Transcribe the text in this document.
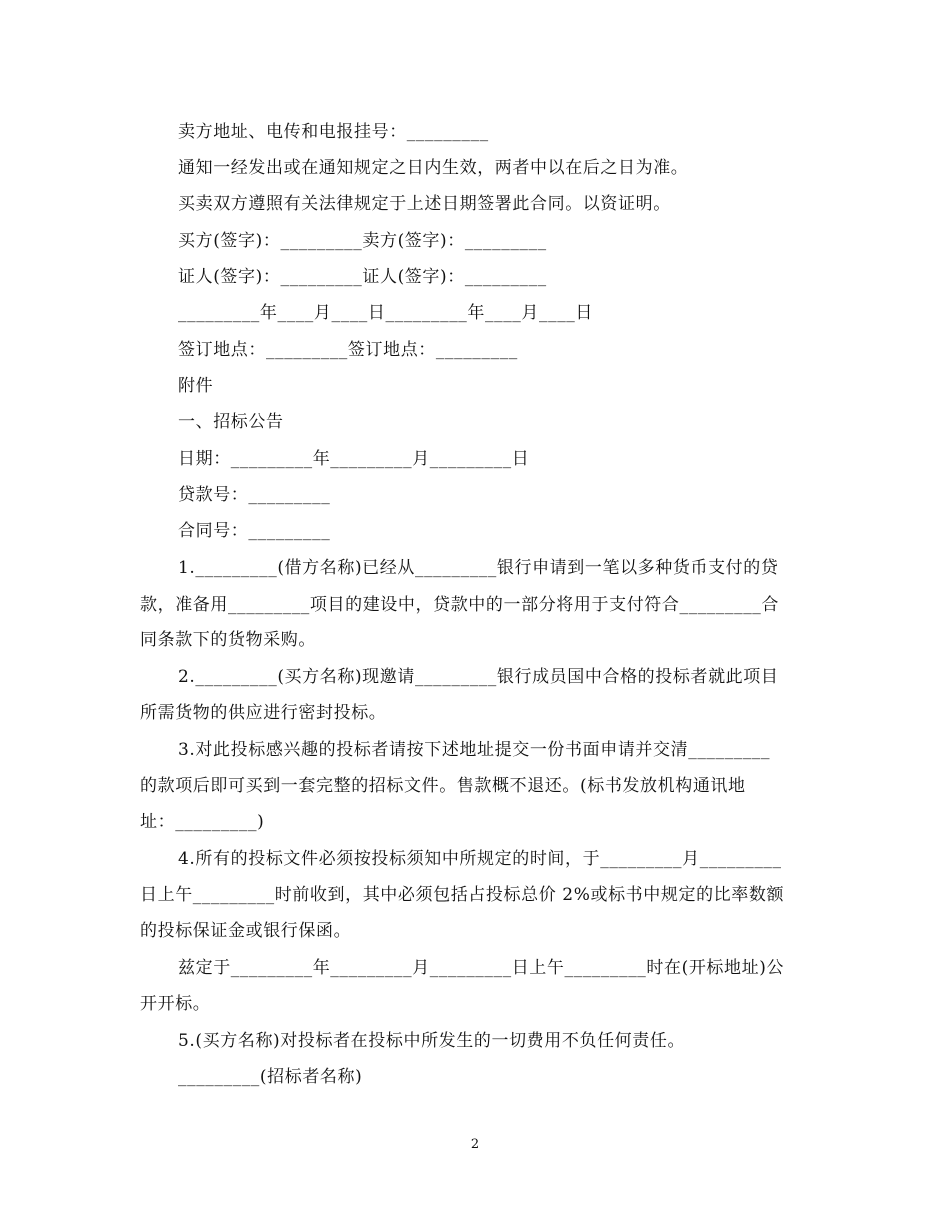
卖方地址、电传和电报挂号：_________
通知一经发出或在通知规定之日内生效，两者中以在后之日为准。
买卖双方遵照有关法律规定于上述日期签署此合同。以资证明。
买方(签字)：_________卖方(签字)：_________
证人(签字)：_________证人(签字)：_________
_________年____月____日_________年____月____日
签订地点：_________签订地点：_________
附件
一、招标公告
日期：_________年_________月_________日
贷款号：_________
合同号：_________
1._________(借方名称)已经从_________银行申请到一笔以多种货币支付的贷
款，准备用_________项目的建设中，贷款中的一部分将用于支付符合_________合
同条款下的货物采购。
2._________(买方名称)现邀请_________银行成员国中合格的投标者就此项目
所需货物的供应进行密封投标。
3.对此投标感兴趣的投标者请按下述地址提交一份书面申请并交清_________
的款项后即可买到一套完整的招标文件。售款概不退还。(标书发放机构通讯地
址：_________)
4.所有的投标文件必须按投标须知中所规定的时间，于_________月_________
日上午_________时前收到，其中必须包括占投标总价 2%或标书中规定的比率数额
的投标保证金或银行保函。
兹定于_________年_________月_________日上午_________时在(开标地址)公
开开标。
5.(买方名称)对投标者在投标中所发生的一切费用不负任何责任。
_________(招标者名称)
2
